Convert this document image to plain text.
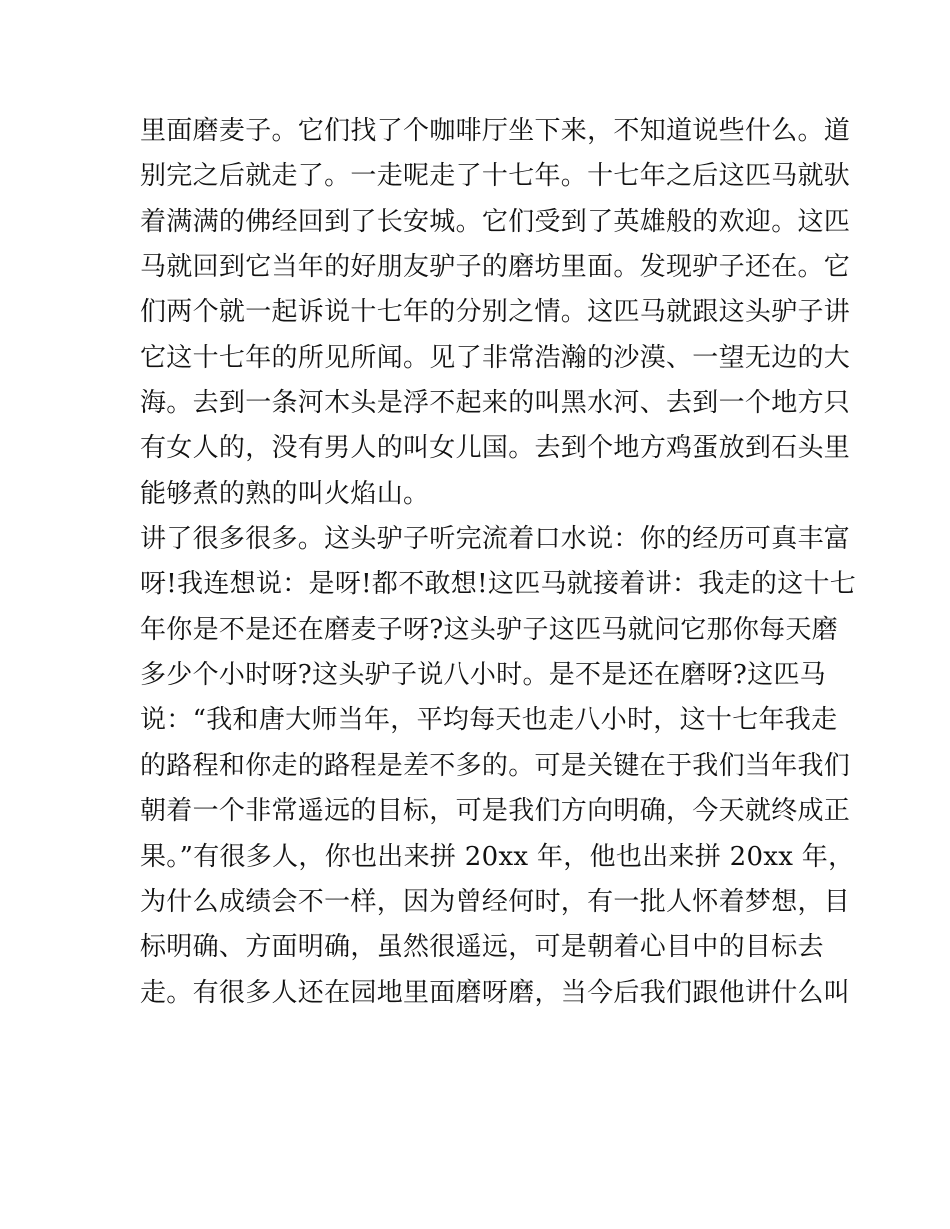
里面磨麦子。它们找了个咖啡厅坐下来，不知道说些什么。道
别完之后就走了。一走呢走了十七年。十七年之后这匹马就驮
着满满的佛经回到了长安城。它们受到了英雄般的欢迎。这匹
马就回到它当年的好朋友驴子的磨坊里面。发现驴子还在。它
们两个就一起诉说十七年的分别之情。这匹马就跟这头驴子讲
它这十七年的所见所闻。见了非常浩瀚的沙漠、一望无边的大
海。去到一条河木头是浮不起来的叫黑水河、去到一个地方只
有女人的，没有男人的叫女儿国。去到个地方鸡蛋放到石头里
能够煮的熟的叫火焰山。
讲了很多很多。这头驴子听完流着口水说：你的经历可真丰富
呀!我连想说：是呀!都不敢想!这匹马就接着讲：我走的这十七
年你是不是还在磨麦子呀?这头驴子这匹马就问它那你每天磨
多少个小时呀?这头驴子说八小时。是不是还在磨呀?这匹马
说：“我和唐大师当年，平均每天也走八小时，这十七年我走
的路程和你走的路程是差不多的。可是关键在于我们当年我们
朝着一个非常遥远的目标，可是我们方向明确，今天就终成正
果。”有很多人，你也出来拼 20xx 年，他也出来拼 20xx 年，
为什么成绩会不一样，因为曾经何时，有一批人怀着梦想，目
标明确、方面明确，虽然很遥远，可是朝着心目中的目标去
走。有很多人还在园地里面磨呀磨，当今后我们跟他讲什么叫
